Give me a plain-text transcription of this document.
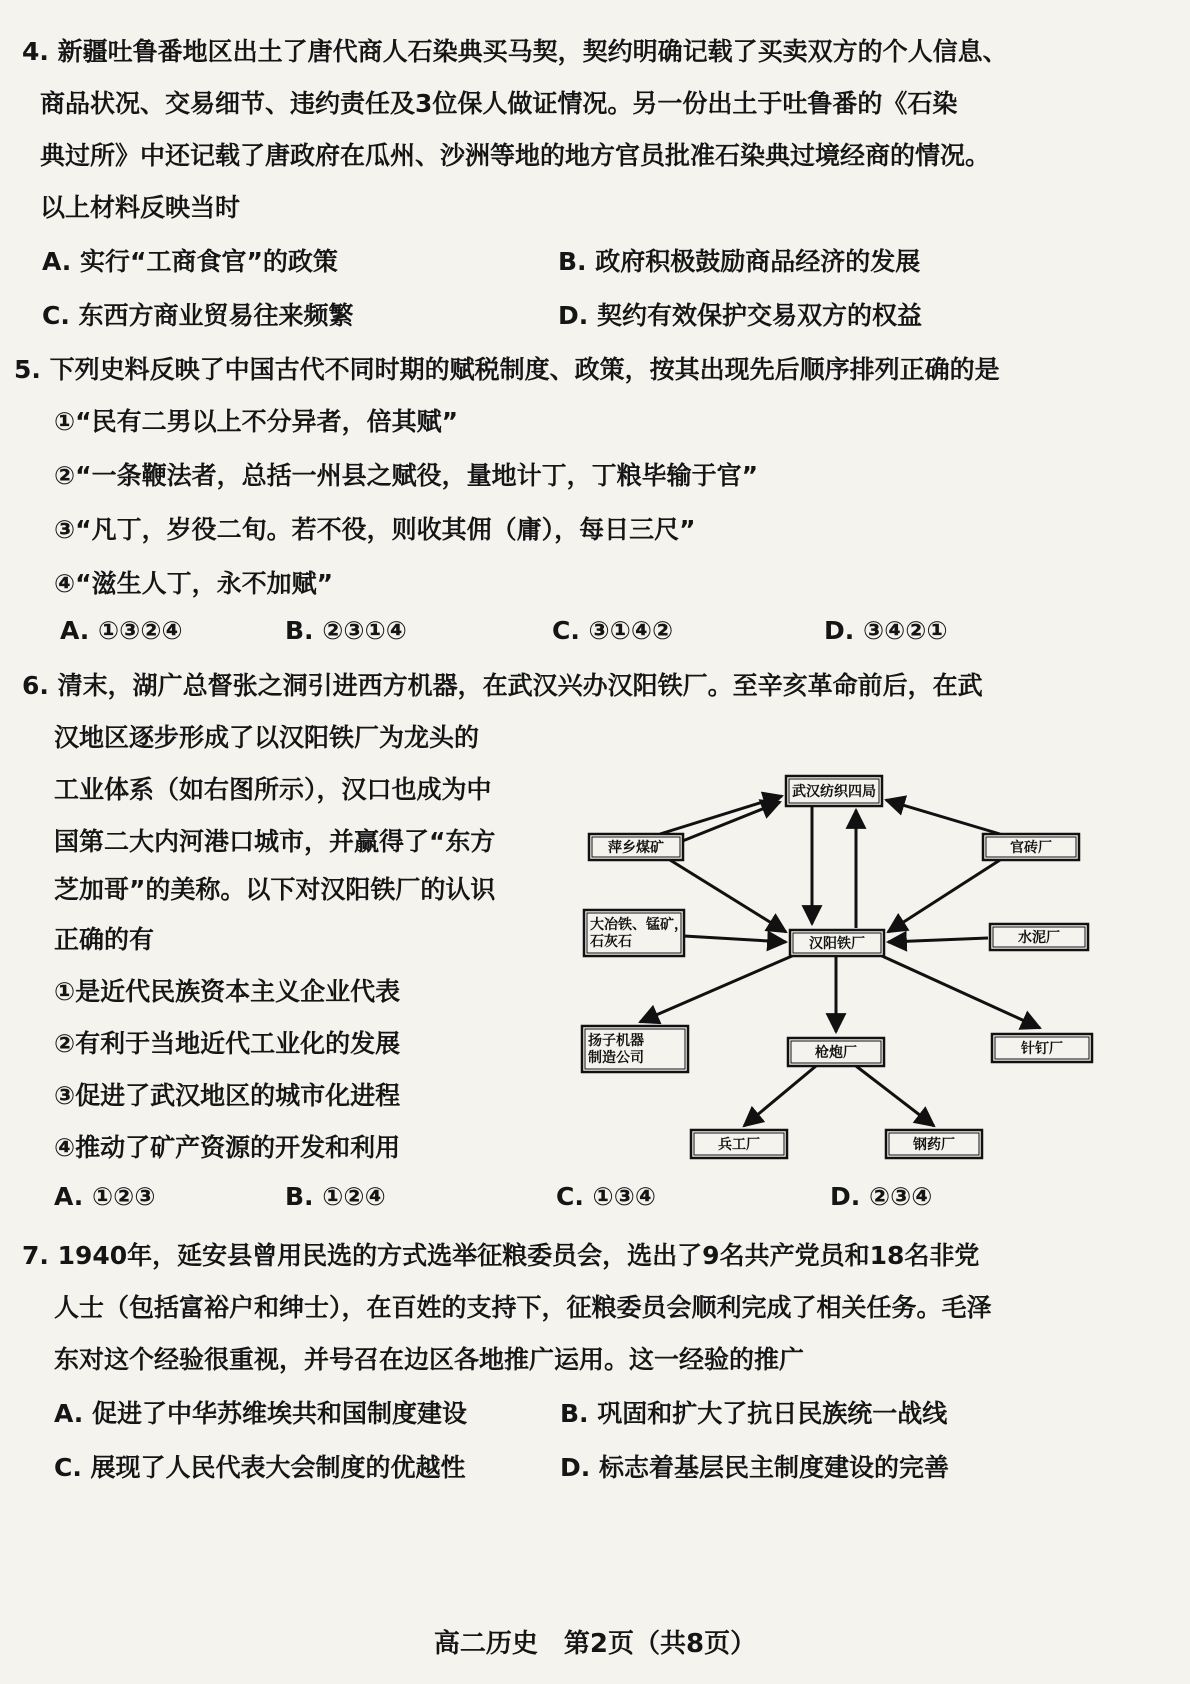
4. 新疆吐鲁番地区出土了唐代商人石染典买马契，契约明确记载了买卖双方的个人信息、
商品状况、交易细节、违约责任及3位保人做证情况。另一份出土于吐鲁番的《石染
典过所》中还记载了唐政府在瓜州、沙洲等地的地方官员批准石染典过境经商的情况。
以上材料反映当时
A. 实行“工商食官”的政策	B. 政府积极鼓励商品经济的发展
C. 东西方商业贸易往来频繁	D. 契约有效保护交易双方的权益
5. 下列史料反映了中国古代不同时期的赋税制度、政策，按其出现先后顺序排列正确的是
①“民有二男以上不分异者，倍其赋”
②“一条鞭法者，总括一州县之赋役，量地计丁，丁粮毕输于官”
③“凡丁，岁役二旬。若不役，则收其佣（庸），每日三尺”
④“滋生人丁，永不加赋”
A. ①③②④	B. ②③①④	C. ③①④②	D. ③④②①
6. 清末，湖广总督张之洞引进西方机器，在武汉兴办汉阳铁厂。至辛亥革命前后，在武
汉地区逐步形成了以汉阳铁厂为龙头的
工业体系（如右图所示），汉口也成为中
国第二大内河港口城市，并赢得了“东方
芝加哥”的美称。以下对汉阳铁厂的认识
正确的有
①是近代民族资本主义企业代表
②有利于当地近代工业化的发展
③促进了武汉地区的城市化进程
④推动了矿产资源的开发和利用
A. ①②③	B. ①②④	C. ①③④	D. ②③④
武汉纺织四局
萍乡煤矿	官砖厂
大冶铁、锰矿，
石灰石	汉阳铁厂	水泥厂
扬子机器
制造公司	枪炮厂	针钉厂
兵工厂	钢药厂
7. 1940年，延安县曾用民选的方式选举征粮委员会，选出了9名共产党员和18名非党
人士（包括富裕户和绅士），在百姓的支持下，征粮委员会顺利完成了相关任务。毛泽
东对这个经验很重视，并号召在边区各地推广运用。这一经验的推广
A. 促进了中华苏维埃共和国制度建设	B. 巩固和扩大了抗日民族统一战线
C. 展现了人民代表大会制度的优越性	D. 标志着基层民主制度建设的完善
高二历史　第2页（共8页）
